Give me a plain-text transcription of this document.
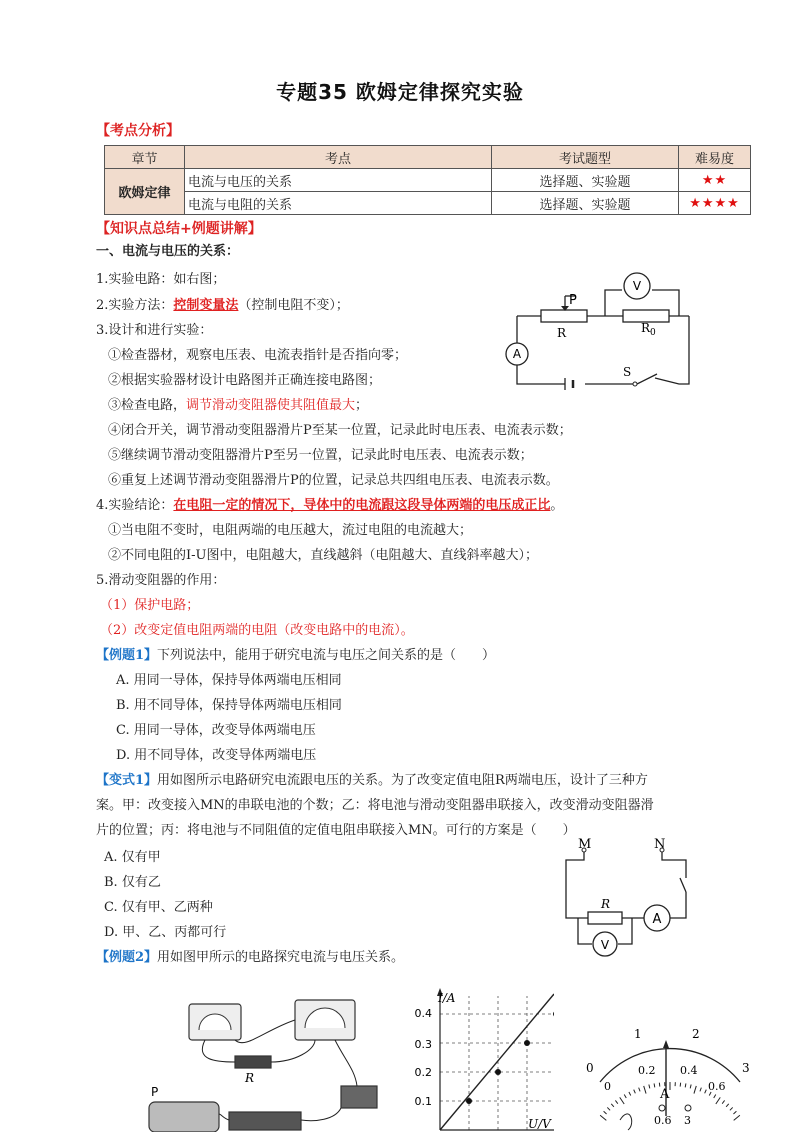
专题35 欧姆定律探究实验
【考点分析】
章节	考点	考试题型	难易度
欧姆定律	电流与电压的关系	选择题、实验题	★★
	电流与电阻的关系	选择题、实验题	★★★★
【知识点总结+例题讲解】
一、电流与电压的关系：
1.实验电路：如右图；
2.实验方法：控制变量法（控制电阻不变）；
3.设计和进行实验：
①检查器材，观察电压表、电流表指针是否指向零；
②根据实验器材设计电路图并正确连接电路图；
③检查电路，调节滑动变阻器使其阻值最大；
④闭合开关，调节滑动变阻器滑片P至某一位置，记录此时电压表、电流表示数；
⑤继续调节滑动变阻器滑片P至另一位置，记录此时电压表、电流表示数；
⑥重复上述调节滑动变阻器滑片P的位置，记录总共四组电压表、电流表示数。
4.实验结论：在电阻一定的情况下，导体中的电流跟这段导体两端的电压成正比。
①当电阻不变时，电阻两端的电压越大，流过电阻的电流越大；
②不同电阻的I-U图中，电阻越大，直线越斜（电阻越大、直线斜率越大）；
5.滑动变阻器的作用：
（1）保护电路；
（2）改变定值电阻两端的电阻（改变电路中的电流）。
【例题1】下列说法中，能用于研究电流与电压之间关系的是（　　）
A. 用同一导体，保持导体两端电压相同
B. 用不同导体，保持导体两端电压相同
C. 用同一导体，改变导体两端电压
D. 用不同导体，改变导体两端电压
【变式1】用如图所示电路研究电流跟电压的关系。为了改变定值电阻R两端电压，设计了三种方
案。甲：改变接入MN的串联电池的个数；乙：将电池与滑动变阻器串联接入，改变滑动变阻器滑
片的位置；丙：将电池与不同阻值的定值电阻串联接入MN。可行的方案是（　　）
A. 仅有甲
B. 仅有乙
C. 仅有甲、乙两种
D. 甲、乙、丙都可行
【例题2】用如图甲所示的电路探究电流与电压关系。
A
V
P
R	$R_0$
S
M	N
R
A
V
R
P
I/A
U/V
0.4
0.3
0.2
0.1
0
1	2
3
0
0.2 0.4
0.6
A
0.6 3
